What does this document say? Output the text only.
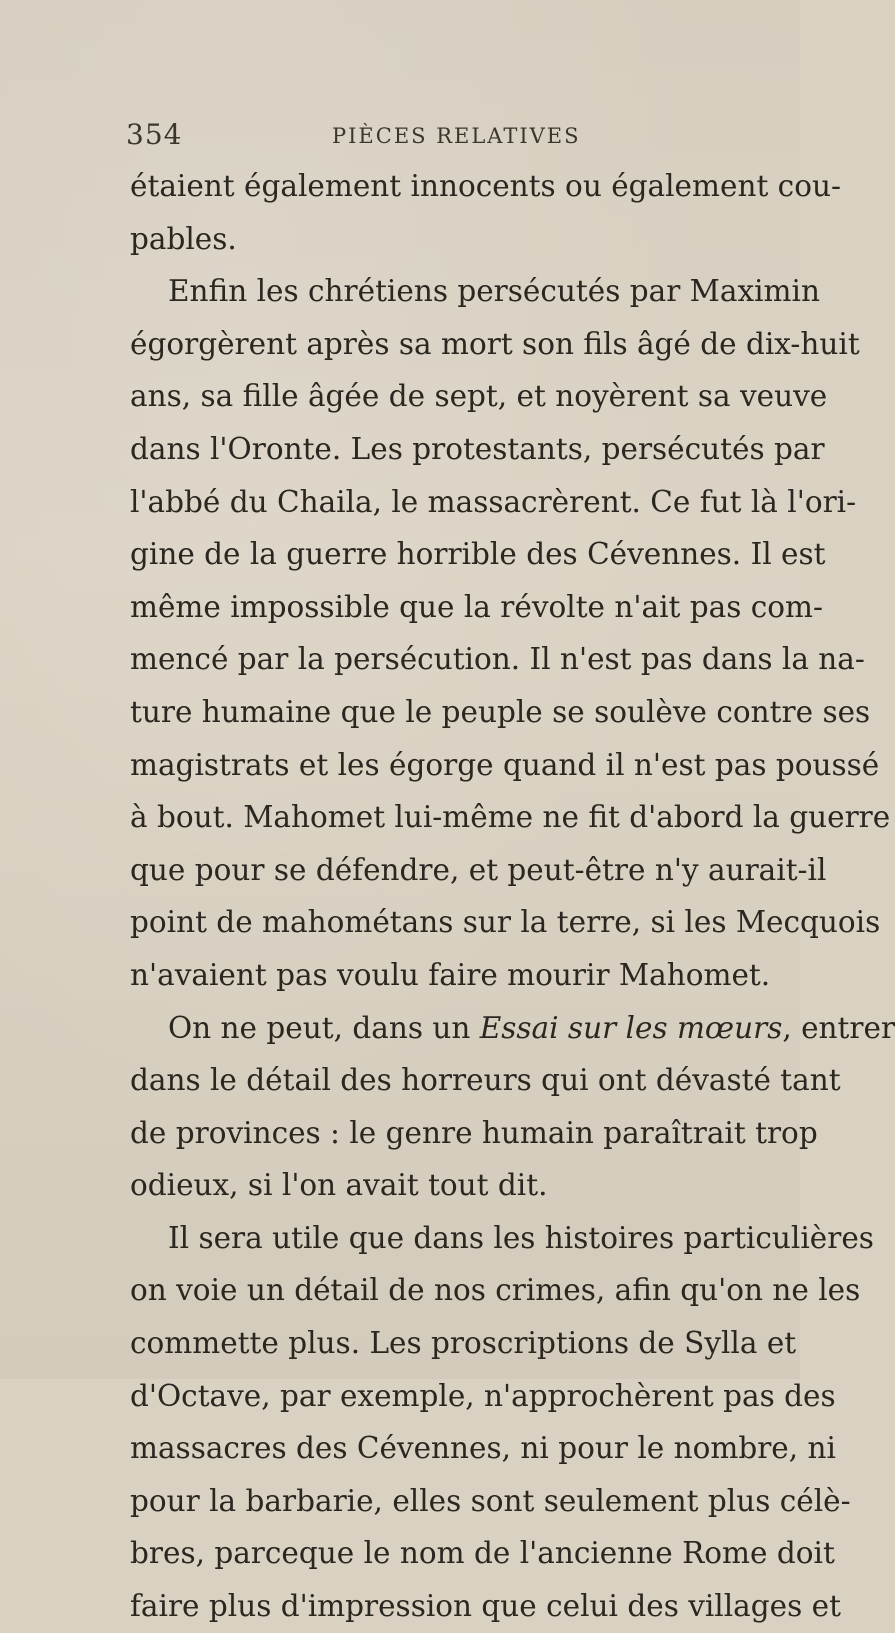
354	PIÈCES RELATIVES
étaient également innocents ou également cou-
pables.
Enfin les chrétiens persécutés par Maximin
égorgèrent après sa mort son fils âgé de dix-huit
ans, sa fille âgée de sept, et noyèrent sa veuve
dans l'Oronte. Les protestants, persécutés par
l'abbé du Chaila, le massacrèrent. Ce fut là l'ori-
gine de la guerre horrible des Cévennes. Il est
même impossible que la révolte n'ait pas com-
mencé par la persécution. Il n'est pas dans la na-
ture humaine que le peuple se soulève contre ses
magistrats et les égorge quand il n'est pas poussé
à bout. Mahomet lui-même ne fit d'abord la guerre
que pour se défendre, et peut-être n'y aurait-il
point de mahométans sur la terre, si les Mecquois
n'avaient pas voulu faire mourir Mahomet.
On ne peut, dans un Essai sur les mœurs, entrer
dans le détail des horreurs qui ont dévasté tant
de provinces : le genre humain paraîtrait trop
odieux, si l'on avait tout dit.
Il sera utile que dans les histoires particulières
on voie un détail de nos crimes, afin qu'on ne les
commette plus. Les proscriptions de Sylla et
d'Octave, par exemple, n'approchèrent pas des
massacres des Cévennes, ni pour le nombre, ni
pour la barbarie, elles sont seulement plus célè-
bres, parceque le nom de l'ancienne Rome doit
faire plus d'impression que celui des villages et
